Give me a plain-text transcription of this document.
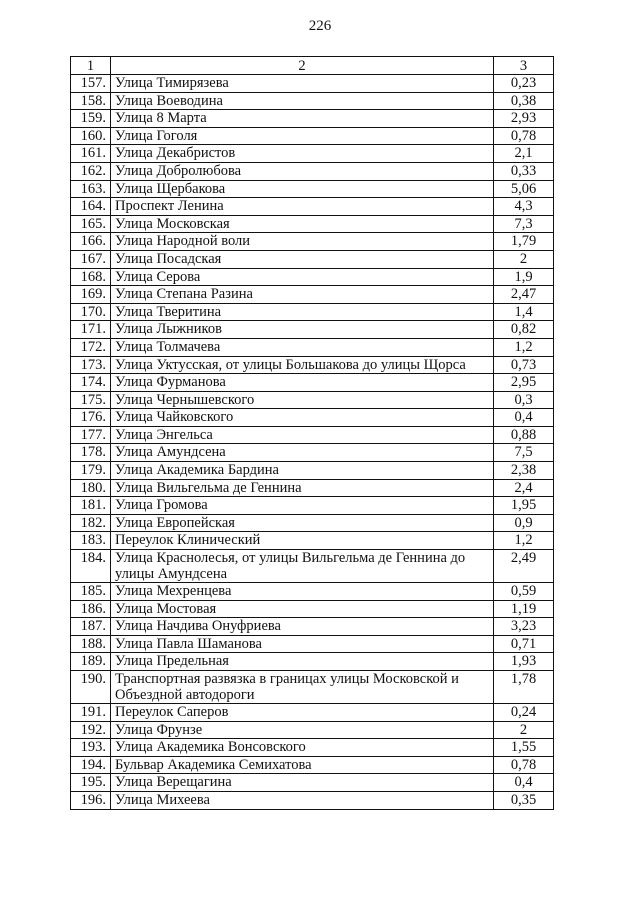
226
1	2	3
157.	Улица Тимирязева	0,23
158.	Улица Воеводина	0,38
159.	Улица 8 Марта	2,93
160.	Улица Гоголя	0,78
161.	Улица Декабристов	2,1
162.	Улица Добролюбова	0,33
163.	Улица Щербакова	5,06
164.	Проспект Ленина	4,3
165.	Улица Московская	7,3
166.	Улица Народной воли	1,79
167.	Улица Посадская	2
168.	Улица Серова	1,9
169.	Улица Степана Разина	2,47
170.	Улица Тверитина	1,4
171.	Улица Лыжников	0,82
172.	Улица Толмачева	1,2
173.	Улица Уктусская, от улицы Большакова до улицы Щорса	0,73
174.	Улица Фурманова	2,95
175.	Улица Чернышевского	0,3
176.	Улица Чайковского	0,4
177.	Улица Энгельса	0,88
178.	Улица Амундсена	7,5
179.	Улица Академика Бардина	2,38
180.	Улица Вильгельма де Геннина	2,4
181.	Улица Громова	1,95
182.	Улица Европейская	0,9
183.	Переулок Клинический	1,2
184.	Улица Краснолесья, от улицы Вильгельма де Геннина до улицы Амундсена	2,49
185.	Улица Мехренцева	0,59
186.	Улица Мостовая	1,19
187.	Улица Начдива Онуфриева	3,23
188.	Улица Павла Шаманова	0,71
189.	Улица Предельная	1,93
190.	Транспортная развязка в границах улицы Московской и Объездной автодороги	1,78
191.	Переулок Саперов	0,24
192.	Улица Фрунзе	2
193.	Улица Академика Вонсовского	1,55
194.	Бульвар Академика Семихатова	0,78
195.	Улица Верещагина	0,4
196.	Улица Михеева	0,35
